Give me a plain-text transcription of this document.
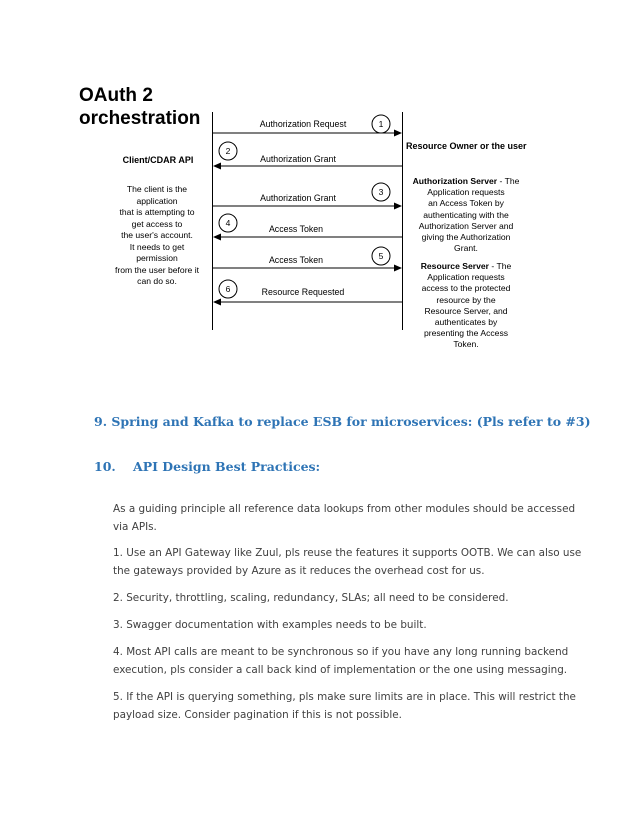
1
2
3
4
5
6
Authorization Request
Authorization Grant
Authorization Grant
Access Token
Access Token
Resource Requested
OAuth 2
orchestration
Client/CDAR API
The client is the
application
that is attempting to
get access to
the user's account.
It needs to get
permission
from the user before it
can do so.
Resource Owner or the user
Authorization Server - The
Application requests
an Access Token by
authenticating with the
Authorization Server and
giving the Authorization
Grant.
Resource Server - The
Application requests
access to the protected
resource by the
Resource Server, and
authenticates by
presenting the Access
Token.
9. Spring and Kafka to replace ESB for microservices: (Pls refer to #3)
10. API Design Best Practices:

As a guiding principle all reference data lookups from other modules should be accessed via APIs.

1. Use an API Gateway like Zuul, pls reuse the features it supports OOTB. We can also use the gateways provided by Azure as it reduces the overhead cost for us.

2. Security, throttling, scaling, redundancy, SLAs; all need to be considered.

3. Swagger documentation with examples needs to be built.

4. Most API calls are meant to be synchronous so if you have any long running backend execution, pls consider a call back kind of implementation or the one using messaging.

5. If the API is querying something, pls make sure limits are in place. This will restrict the payload size. Consider pagination if this is not possible.
